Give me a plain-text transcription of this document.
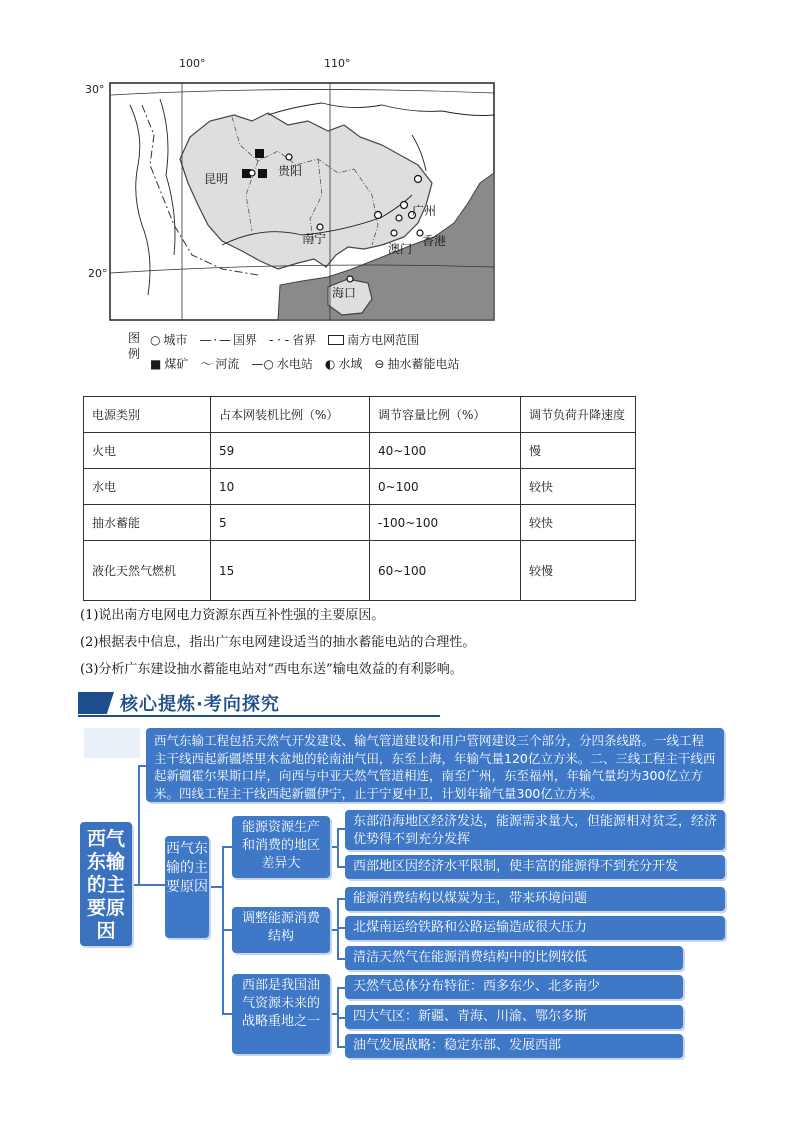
100°	110°
30°
20°
昆明
贵阳
南宁
广州
澳门
香港
海口
图例
○ 城市 — · — 国界 - · - 省界	南方电网范围
■ 煤矿 ～ 河流 —○ 水电站 ◐ 水域 ⊖ 抽水蓄能电站
电源类别	占本网装机比例（%）	调节容量比例（%）	调节负荷升降速度
火电	59	40~100	慢
水电	10	0~100	较快
抽水蓄能	5	-100~100	较快
液化天然气燃机	15	60~100	较慢
(1)说出南方电网电力资源东西互补性强的主要原因。
(2)根据表中信息，指出广东电网建设适当的抽水蓄能电站的合理性。
(3)分析广东建设抽水蓄能电站对“西电东送”输电效益的有利影响。
核心提炼·考向探究
西气东输的主要原因
西气东输工程包括天然气开发建设、输气管道建设和用户管网建设三个部分，分四条线路。一线工程主干线西起新疆塔里木盆地的轮南油气田，东至上海，年输气量120亿立方米。二、三线工程主干线西起新疆霍尔果斯口岸，向西与中亚天然气管道相连，南至广州，东至福州，年输气量均为300亿立方米。四线工程主干线西起新疆伊宁，止于宁夏中卫，计划年输气量300亿立方米。
西气东输的主要原因
能源资源生产和消费的地区差异大
调整能源消费结构
西部是我国油气资源未来的战略重地之一
东部沿海地区经济发达，能源需求量大，但能源相对贫乏，经济优势得不到充分发挥
西部地区因经济水平限制，使丰富的能源得不到充分开发
能源消费结构以煤炭为主，带来环境问题
北煤南运给铁路和公路运输造成很大压力
清洁天然气在能源消费结构中的比例较低
天然气总体分布特征：西多东少、北多南少
四大气区：新疆、青海、川渝、鄂尔多斯
油气发展战略：稳定东部、发展西部
